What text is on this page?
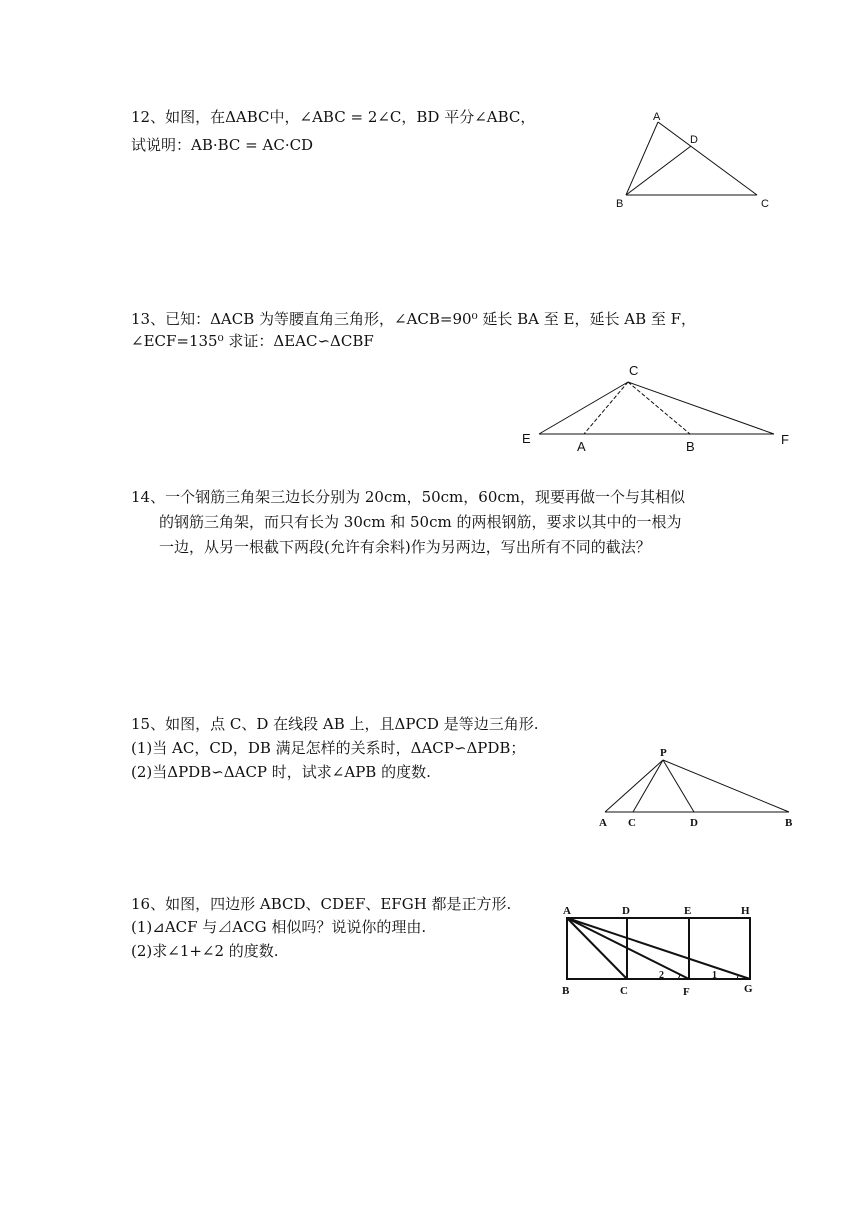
12、如图，在ΔABC中，∠ABC = 2∠C，BD 平分∠ABC，
试说明：AB·BC = AC·CD
A
D
B	C
13、已知：ΔACB 为等腰直角三角形，∠ACB=90⁰ 延长 BA 至 E，延长 AB 至 F，
∠ECF=135⁰ 求证：ΔEAC∽ΔCBF
C
E
A	B	F
14、一个钢筋三角架三边长分别为 20cm，50cm，60cm，现要再做一个与其相似
的钢筋三角架，而只有长为 30cm 和 50cm 的两根钢筋，要求以其中的一根为
一边，从另一根截下两段(允许有余料)作为另两边，写出所有不同的截法？
15、如图，点 C、D 在线段 AB 上，且ΔPCD 是等边三角形.
(1)当 AC，CD，DB 满足怎样的关系时，ΔACP∽ΔPDB；
(2)当ΔPDB∽ΔACP 时，试求∠APB 的度数.
P
A C	D	B
16、如图，四边形 ABCD、CDEF、EFGH 都是正方形.
(1)⊿ACF 与⊿ACG 相似吗？说说你的理由.
(2)求∠1+∠2 的度数.
A	D	E	H
B	C	F	G
2	1
